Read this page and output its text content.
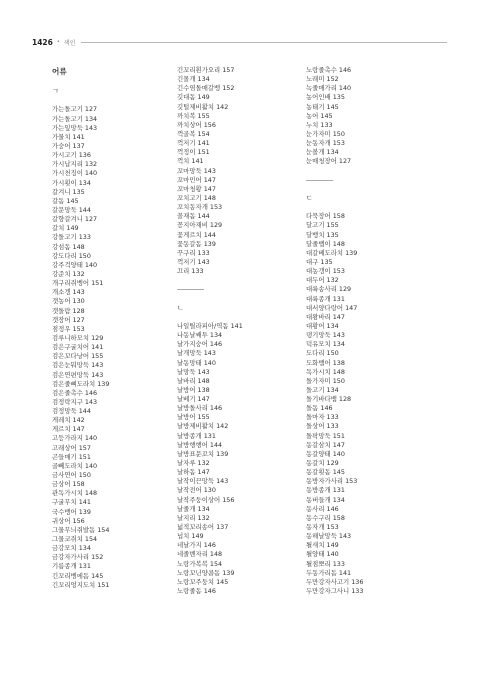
1426 • 색인
어류
ㄱ
가는돌고기 127
가는돌고기 134
가는잎망둑 143
가물치 141
가숭어 137
가시고기 136
가시납지리 132
가시천징이 140
가시횟이 134
갈겨니 135
갈돔 145
갈문망둑 144
갈향갈겨니 127
갈치 149
강돌고기 133
강섬돔 148
강도다리 150
강주걱양태 140
강준치 132
개구리쥐벵어 151
개소겡 143
갯농어 130
갯돌람 128
갯장어 127
점정우 153
검루니하모치 129
검은구굴치어 141
검은꼬다낭어 155
검은눈뭐망둑 143
검은연편망둑 143
검은줄뼈도라치 139
검은줄촉수 146
검정락지구 143
검정망둑 144
게레치 142
게르치 147
고등가라지 140
고래상어 157
곤들매기 151
골뻬도라치 140
금사연어 150
금상어 158
관독가시치 148
구굴무치 141
국수뱅어 139
귀상어 156
그물무늬쥐발돔 154
그물코쥐치 154
금강모치 134
금강자가사리 152
기름종개 131
긴꼬리벵에돔 145
긴꼬리엉지도치 151
긴꼬리흰가오리 157
긴몰개 134
긴수염돌매갈뱅 152
깃대돔 149
깃털제비활치 142
까치복 155
까치상어 156
꺽골복 154
꺽저기 141
꺽정이 151
꺽치 141
꼬마망둑 143
꼬마민어 147
꼬마청황 147
꼬치고기 148
꼬치동자개 153
꼴재돔 144
꽁지아재비 129
꽃게르치 144
꽃동갈돔 139
꾸구리 133
꺽저기 143
끄리 133
ㄴ
나일틸라피아/역돔 141
나동날쌔투 134
날가지숭어 146
날개망둑 143
날동망태 140
날망둑 143
날바리 148
날방어 138
날베기 147
날방돌사리 146
날방어 155
날방제비활치 142
날방종개 131
날방행행어 144
날방표문꼬치 139
날자루 132
날하돔 147
날작이끈망둑 143
날작전어 130
날작주둥이상어 156
날줄개 134
날지리 132
넓적꼬리송어 137
넙치 149
네날가지 146
네줄벤자리 148
노랑가복복 154
노랑꼬닌양콤돔 139
노랑꼬주둥치 145
노랑줄돔 146
노랑줄촉수 146
노래미 152
녹줄매가리 140
농어인배 135
농태기 145
농어 145
누치 133
눈가자미 150
눈동자개 153
눈볼개 134
눈매청장어 127
ㄷ
다묵장어 158
달고기 155
달뱅치 135
달줄뱁이 148
대갈베도라치 139
대구 135
대농갱이 153
대두어 132
대륙송사리 129
대륙종개 131
대서양다랑어 147
대왕바리 147
대황어 134
댕기망둑 143
덕유모치 134
도다리 150
도화뱀어 138
독가시치 148
돌가자미 150
돌고기 134
돌기바다뱀 128
돌돔 146
돌마자 133
돌상어 133
돌팍망둑 151
동갈삼치 147
동갈양태 140
동갈치 129
동갈횟돔 145
동방자가사리 153
동방종개 131
동버들개 134
동사리 146
동수구리 158
동자개 153
동해날망둑 143
될새치 149
될양태 140
될점뽀리 133
두동가리돔 141
두만강자사고기 136
두만강자그사니 133
